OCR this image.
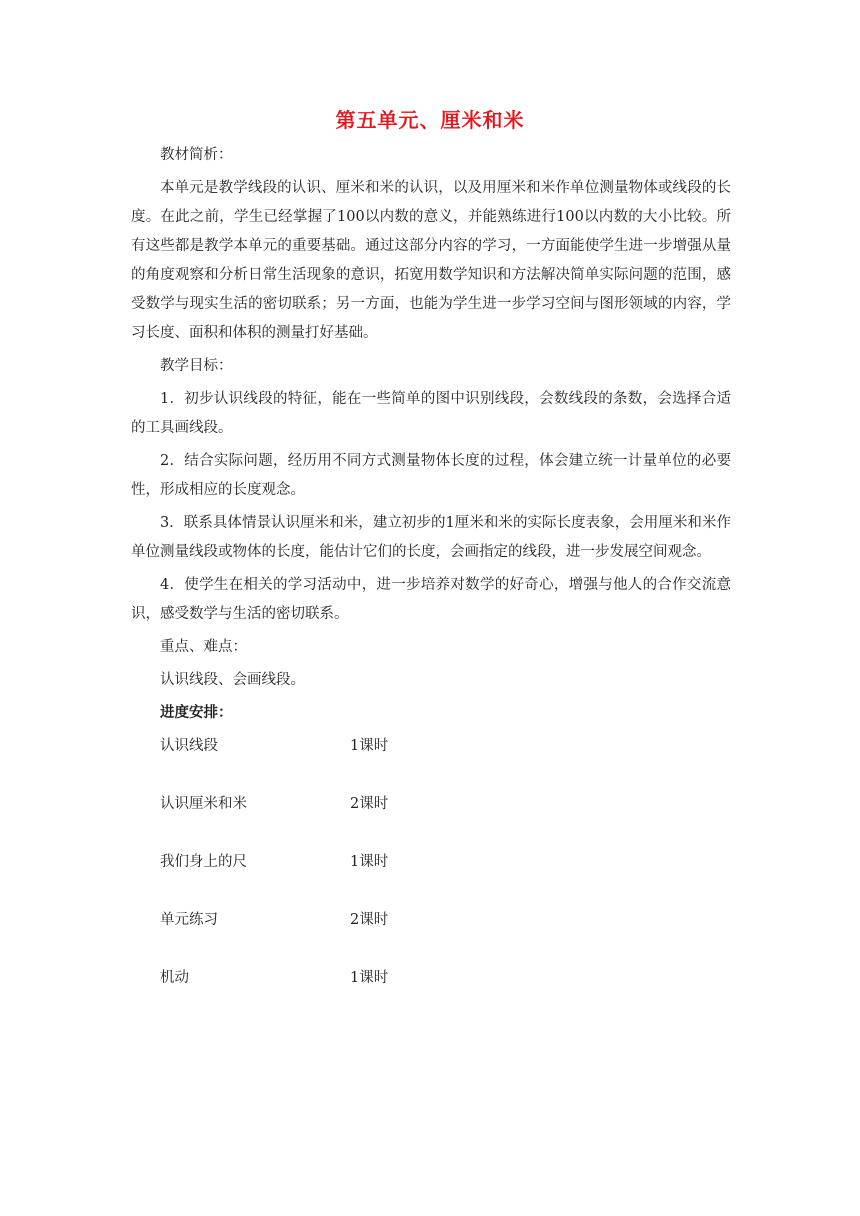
第五单元、厘米和米
教材简析：
本单元是教学线段的认识、厘米和米的认识，以及用厘米和米作单位测量物体或线段的长度。在此之前，学生已经掌握了100以内数的意义，并能熟练进行100以内数的大小比较。所有这些都是教学本单元的重要基础。通过这部分内容的学习，一方面能使学生进一步增强从量的角度观察和分析日常生活现象的意识，拓宽用数学知识和方法解决简单实际问题的范围，感受数学与现实生活的密切联系；另一方面，也能为学生进一步学习空间与图形领域的内容，学习长度、面积和体积的测量打好基础。
教学目标：
1．初步认识线段的特征，能在一些简单的图中识别线段，会数线段的条数，会选择合适的工具画线段。
2．结合实际问题，经历用不同方式测量物体长度的过程，体会建立统一计量单位的必要性，形成相应的长度观念。
3．联系具体情景认识厘米和米，建立初步的1厘米和米的实际长度表象，会用厘米和米作单位测量线段或物体的长度，能估计它们的长度，会画指定的线段，进一步发展空间观念。
4．使学生在相关的学习活动中，进一步培养对数学的好奇心，增强与他人的合作交流意识，感受数学与生活的密切联系。
重点、难点：
认识线段、会画线段。
进度安排：
认识线段	1课时
认识厘米和米	2课时
我们身上的尺	1课时
单元练习	2课时
机动	1课时
